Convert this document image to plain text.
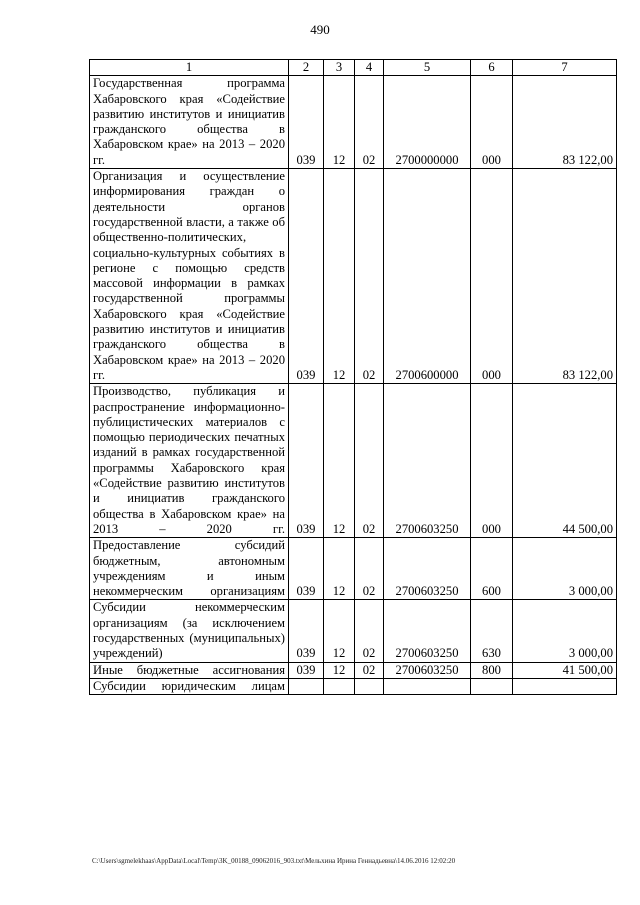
490
1	2	3	4	5	6	7
Государственная программа Хабаровского края «Содействие развитию институтов и инициатив гражданского общества в Хабаровском крае» на 2013 – 2020 гг.	039	12	02	2700000000	000	83 122,00
Организация и осуществление информирования граждан о деятельности органов государственной власти, а также об общественно-политических, социально-культурных событиях в регионе с помощью средств массовой информации в рамках государственной программы Хабаровского края «Содействие развитию институтов и инициатив гражданского общества в Хабаровском крае» на 2013 – 2020 гг.	039	12	02	2700600000	000	83 122,00
Производство, публикация и распространение информационно-публицистических материалов с помощью периодических печатных изданий в рамках государственной программы Хабаровского края «Содействие развитию институтов и инициатив гражданского общества в Хабаровском крае» на 2013 – 2020 гг.	039	12	02	2700603250	000	44 500,00
Предоставление субсидий бюджетным, автономным учреждениям и иным некоммерческим организациям	039	12	02	2700603250	600	3 000,00
Субсидии некоммерческим организациям (за исключением государственных (муниципальных) учреждений)	039	12	02	2700603250	630	3 000,00
Иные бюджетные ассигнования	039	12	02	2700603250	800	41 500,00
Субсидии юридическим лицам						
C:\Users\sgmelekhaas\AppData\Local\Temp\3K_00188_09062016_903.txt\Мельхина Ирина Геннадьевна\14.06.2016 12:02:20
